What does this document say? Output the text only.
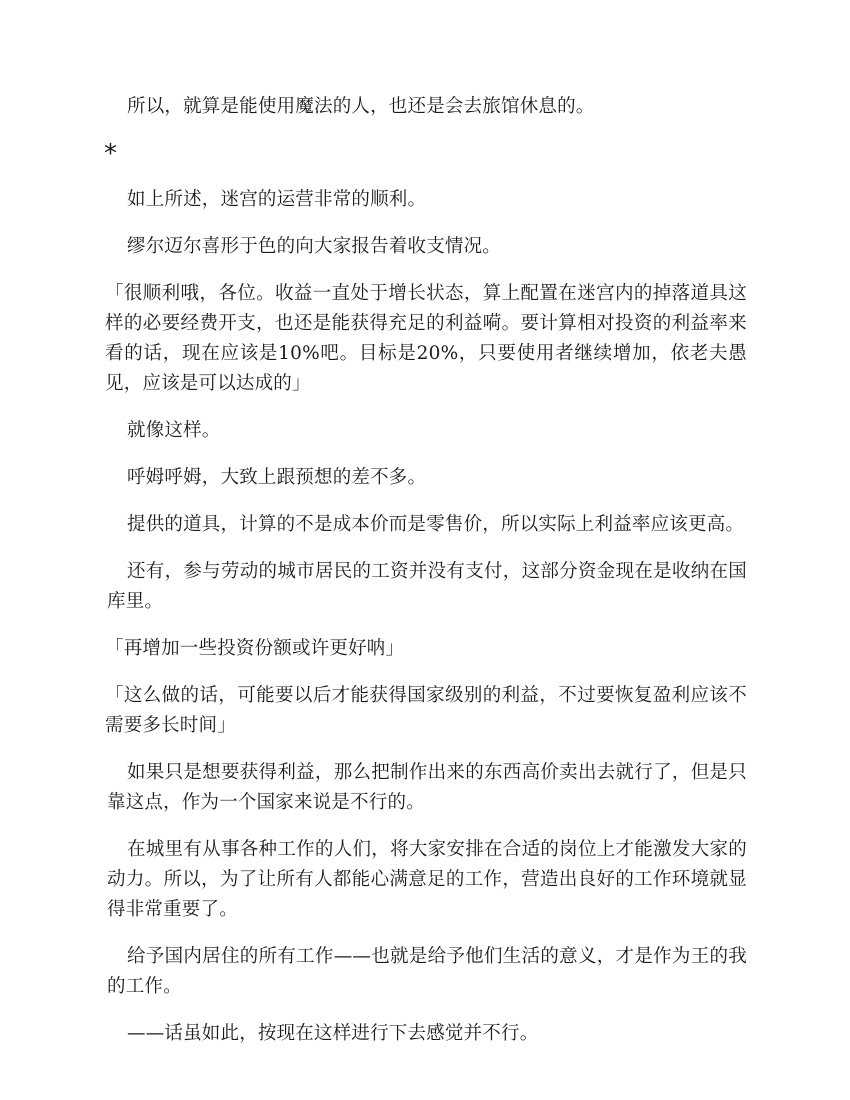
所以，就算是能使用魔法的人，也还是会去旅馆休息的。

*

如上所述，迷宫的运营非常的顺利。

缪尔迈尔喜形于色的向大家报告着收支情况。

「很顺利哦，各位。收益一直处于增长状态，算上配置在迷宫内的掉落道具这样的必要经费开支，也还是能获得充足的利益嗬。要计算相对投资的利益率来看的话，现在应该是10%吧。目标是20%，只要使用者继续增加，依老夫愚见，应该是可以达成的」

就像这样。

呼姆呼姆，大致上跟预想的差不多。

提供的道具，计算的不是成本价而是零售价，所以实际上利益率应该更高。

还有，参与劳动的城市居民的工资并没有支付，这部分资金现在是收纳在国库里。

「再增加一些投资份额或许更好呐」

「这么做的话，可能要以后才能获得国家级别的利益，不过要恢复盈利应该不需要多长时间」

如果只是想要获得利益，那么把制作出来的东西高价卖出去就行了，但是只靠这点，作为一个国家来说是不行的。

在城里有从事各种工作的人们，将大家安排在合适的岗位上才能激发大家的动力。所以，为了让所有人都能心满意足的工作，营造出良好的工作环境就显得非常重要了。

给予国内居住的所有工作——也就是给予他们生活的意义，才是作为王的我的工作。

——话虽如此，按现在这样进行下去感觉并不行。
